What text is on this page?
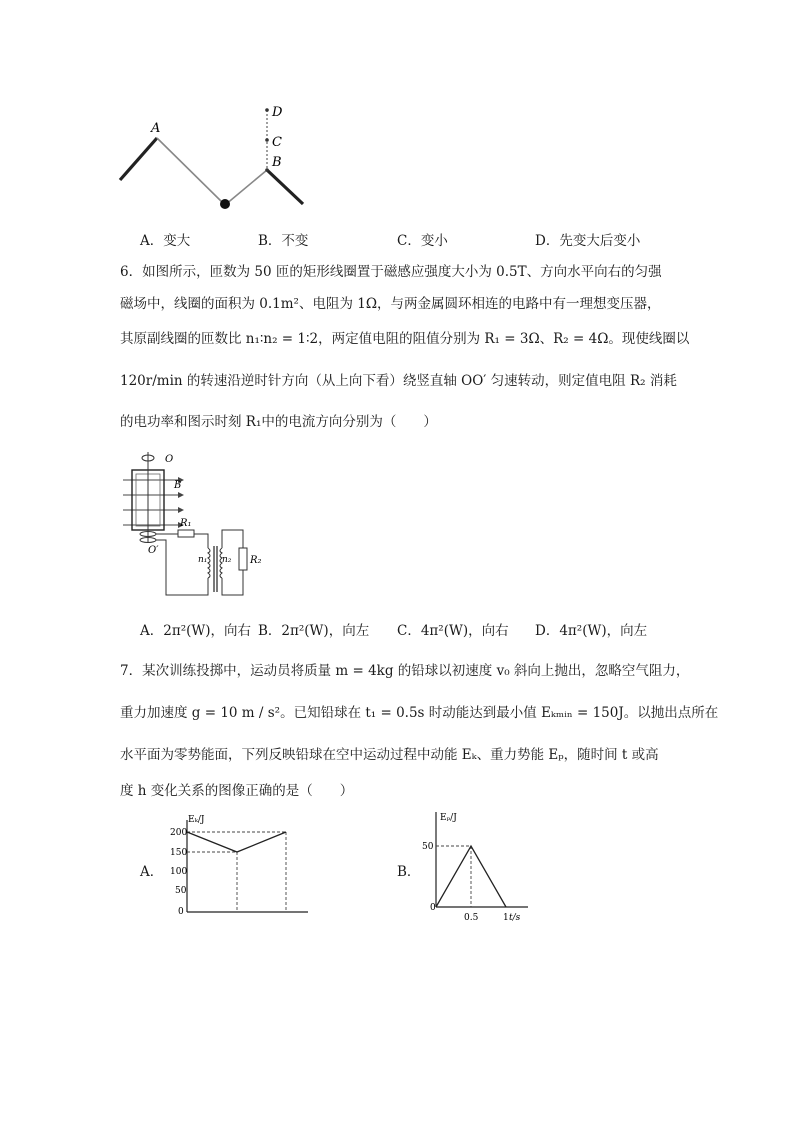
A
D
C
B
A．变大	B．不变	C．变小	D．先变大后变小
6．如图所示，匝数为 50 匝的矩形线圈置于磁感应强度大小为 0.5T、方向水平向右的匀强
磁场中，线圈的面积为 0.1m²、电阻为 1Ω，与两金属圆环相连的电路中有一理想变压器，
其原副线圈的匝数比 n₁∶n₂ = 1∶2，两定值电阻的阻值分别为 R₁ = 3Ω、R₂ = 4Ω。现使线圈以
120r/min 的转速沿逆时针方向（从上向下看）绕竖直轴 OO′ 匀速转动，则定值电阻 R₂ 消耗
的电功率和图示时刻 R₁中的电流方向分别为（　　）
O
B
O′
R₁
n₁ n₂ R₂
A．2π²(W)，向右 B．2π²(W)，向左 C．4π²(W)，向右 D．4π²(W)，向左
7．某次训练投掷中，运动员将质量 m = 4kg 的铅球以初速度 v₀ 斜向上抛出，忽略空气阻力，
重力加速度 g = 10 m / s²。已知铅球在 t₁ = 0.5s 时动能达到最小值 Eₖₘᵢₙ = 150J。以抛出点所在
水平面为零势能面，下列反映铅球在空中运动过程中动能 Eₖ、重力势能 Eₚ，随时间 t 或高
度 h 变化关系的图像正确的是（　　）
A．
Eₖ/J
200
150
100
50
0
B．
Eₚ/J
50
0
0.5	1 t/s
